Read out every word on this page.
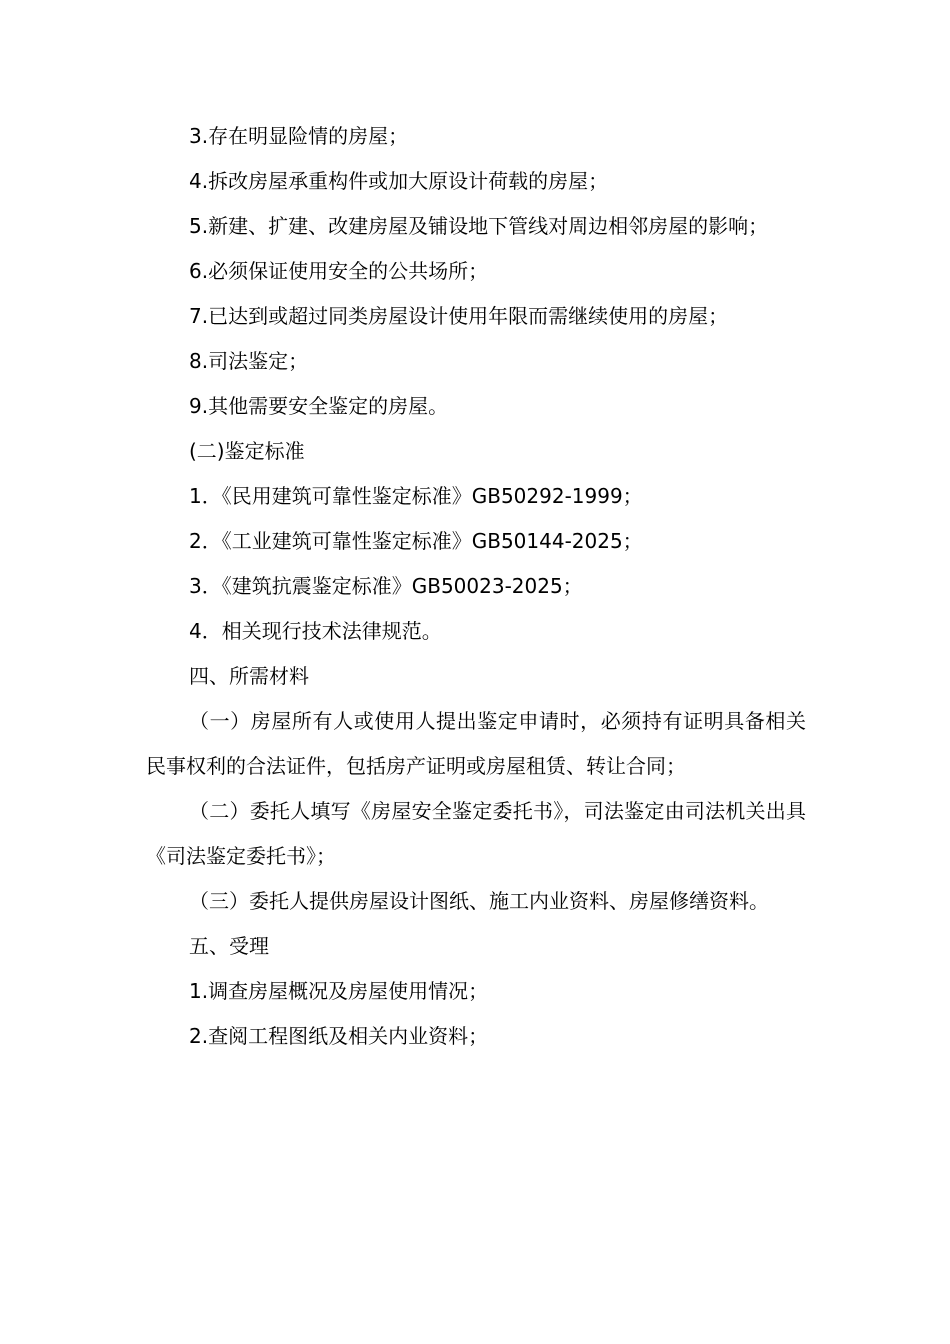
3.存在明显险情的房屋；

4.拆改房屋承重构件或加大原设计荷载的房屋；

5.新建、扩建、改建房屋及铺设地下管线对周边相邻房屋的影响；

6.必须保证使用安全的公共场所；

7.已达到或超过同类房屋设计使用年限而需继续使用的房屋；

8.司法鉴定；

9.其他需要安全鉴定的房屋。

(二)鉴定标准

1．《民用建筑可靠性鉴定标准》GB50292-1999；

2．《工业建筑可靠性鉴定标准》GB50144-2025；

3．《建筑抗震鉴定标准》GB50023-2025；

4．相关现行技术法律规范。

四、所需材料

（一）房屋所有人或使用人提出鉴定申请时，必须持有证明具备相关民事权利的合法证件，包括房产证明或房屋租赁、转让合同；

（二）委托人填写《房屋安全鉴定委托书》，司法鉴定由司法机关出具《司法鉴定委托书》；

（三）委托人提供房屋设计图纸、施工内业资料、房屋修缮资料。

五、受理

1.调查房屋概况及房屋使用情况；

2.查阅工程图纸及相关内业资料；
